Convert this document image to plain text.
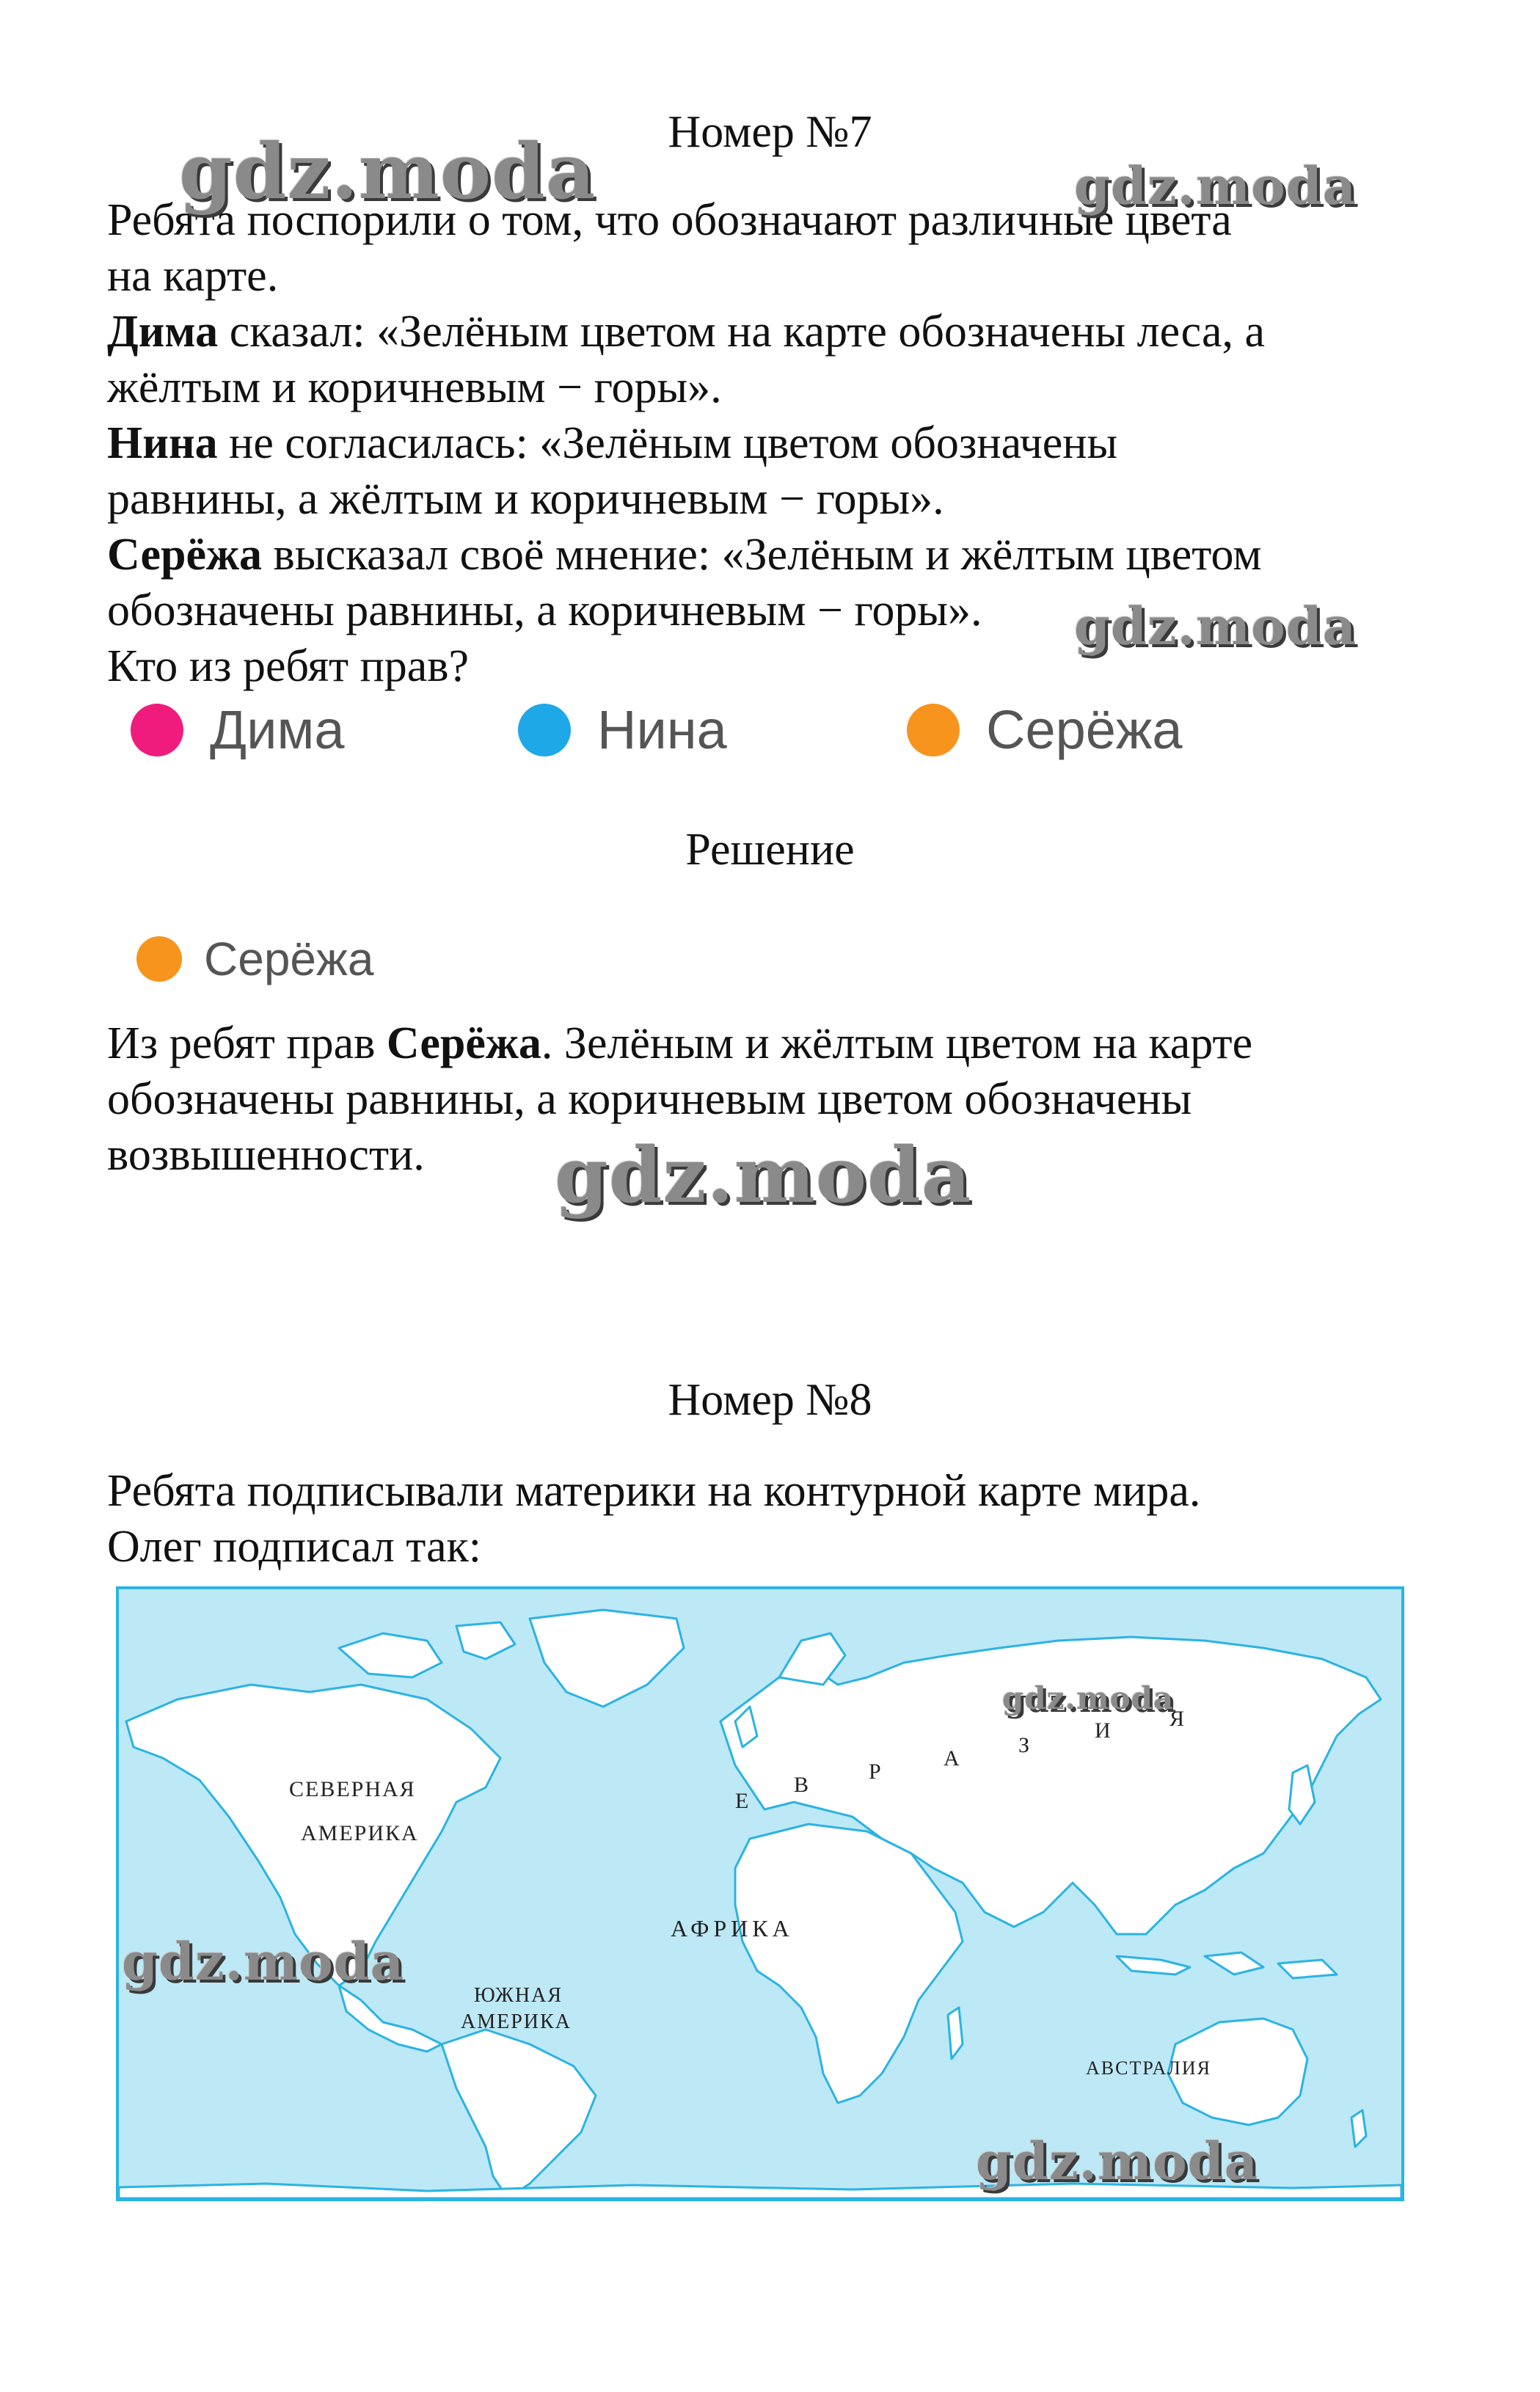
Номер №7
Ребята поспорили о том, что обозначают различные цвета
на карте.
Дима сказал: «Зелёным цветом на карте обозначены леса, а
жёлтым и коричневым − горы».
Нина не согласилась: «Зелёным цветом обозначены
равнины, а жёлтым и коричневым − горы».
Серёжа высказал своё мнение: «Зелёным и жёлтым цветом
обозначены равнины, а коричневым − горы».
Кто из ребят прав?
Дима	Нина	Серёжа
Решение
Серёжа
Из ребят прав Серёжа. Зелёным и жёлтым цветом на карте
обозначены равнины, а коричневым цветом обозначены
возвышенности.
Номер №8
Ребята подписывали материки на контурной карте мира.
Олег подписал так:
СЕВЕРНАЯ
АМЕРИКА
ЮЖНАЯ
АМЕРИКА
АФРИКА
АВСТРАЛИЯ
Е
В
Р
А
З
И	Я
gdz.moda	gdz.moda
gdz.moda
gdz.moda
gdz.moda
gdz.moda
gdz.moda
